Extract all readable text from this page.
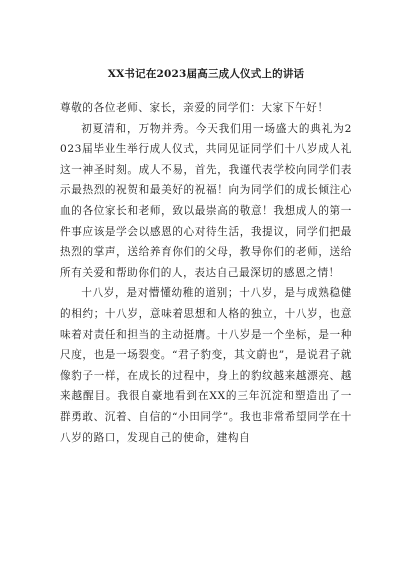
XX书记在2023届高三成人仪式上的讲话

尊敬的各位老师、家长，亲爱的同学们：大家下午好！

初夏清和，万物并秀。今天我们用一场盛大的典礼为2023届毕业生举行成人仪式，共同见证同学们十八岁成人礼这一神圣时刻。成人不易，首先，我谨代表学校向同学们表示最热烈的祝贺和最美好的祝福！向为同学们的成长倾注心血的各位家长和老师，致以最崇高的敬意！我想成人的第一件事应该是学会以感恩的心对待生活，我提议，同学们把最热烈的掌声，送给养育你们的父母，教导你们的老师，送给所有关爱和帮助你们的人，表达自己最深切的感恩之情！

十八岁，是对懵懂幼稚的道别；十八岁，是与成熟稳健的相约；十八岁，意味着思想和人格的独立，十八岁，也意味着对责任和担当的主动挺膺。十八岁是一个坐标，是一种尺度，也是一场裂变。“君子豹变，其文蔚也”，是说君子就像豹子一样，在成长的过程中，身上的豹纹越来越漂亮、越来越醒目。我很自豪地看到在XX的三年沉淀和塑造出了一群勇敢、沉着、自信的“小田同学”。我也非常希望同学在十八岁的路口，发现自己的使命，建构自
